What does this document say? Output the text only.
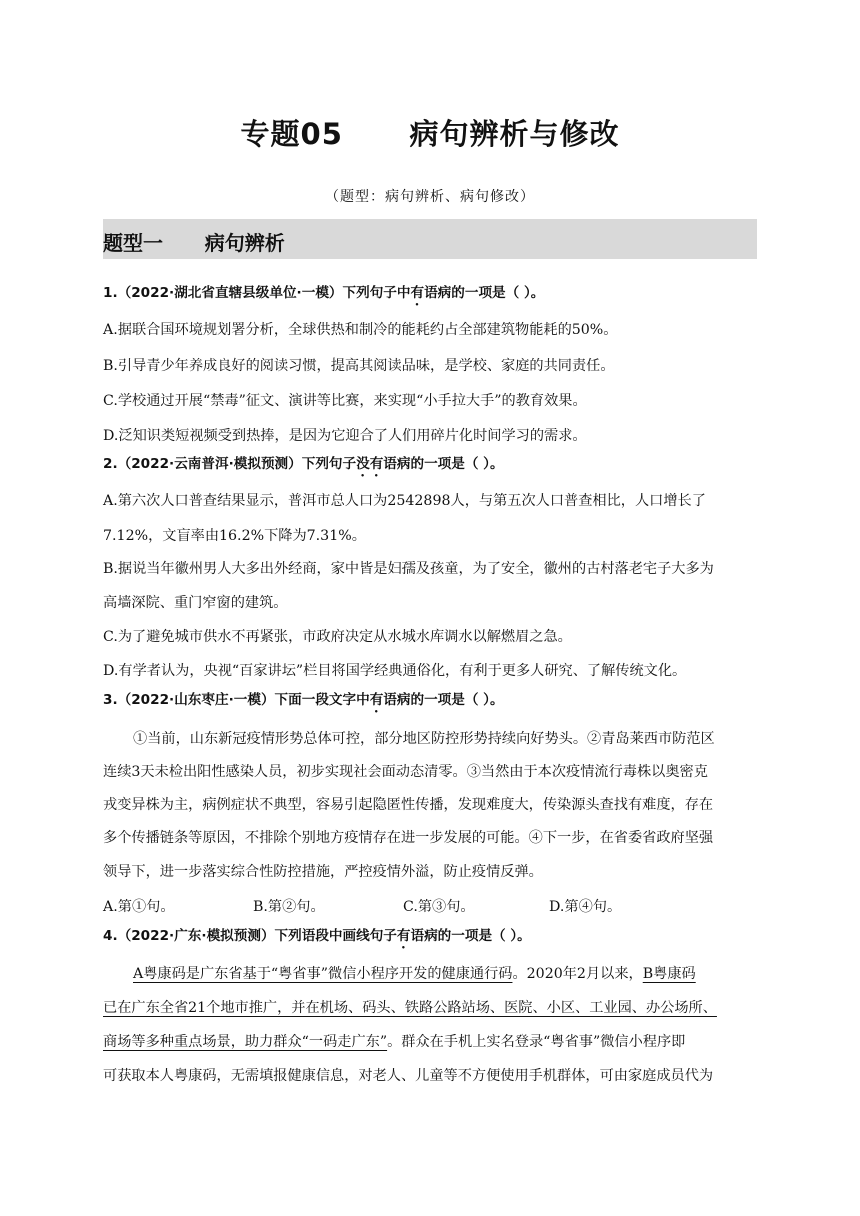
专题05      病句辨析与修改
（题型：病句辨析、病句修改）
题型一      病句辨析
1.（2022·湖北省直辖县级单位·一模）下列句子中有语病的一项是（ ）。
A.据联合国环境规划署分析，全球供热和制冷的能耗约占全部建筑物能耗的50%。
B.引导青少年养成良好的阅读习惯，提高其阅读品味，是学校、家庭的共同责任。
C.学校通过开展“禁毒”征文、演讲等比赛，来实现“小手拉大手”的教育效果。
D.泛知识类短视频受到热捧，是因为它迎合了人们用碎片化时间学习的需求。
2.（2022·云南普洱·模拟预测）下列句子没有语病的一项是（ ）。
A.第六次人口普查结果显示，普洱市总人口为2542898人，与第五次人口普查相比，人口增长了
7.12%，文盲率由16.2%下降为7.31%。
B.据说当年徽州男人大多出外经商，家中皆是妇孺及孩童，为了安全，徽州的古村落老宅子大多为
高墙深院、重门窄窗的建筑。
C.为了避免城市供水不再紧张，市政府决定从水城水库调水以解燃眉之急。
D.有学者认为，央视“百家讲坛”栏目将国学经典通俗化，有利于更多人研究、了解传统文化。
3.（2022·山东枣庄·一模）下面一段文字中有语病的一项是（ ）。
①当前，山东新冠疫情形势总体可控，部分地区防控形势持续向好势头。②青岛莱西市防范区
连续3天未检出阳性感染人员，初步实现社会面动态清零。③当然由于本次疫情流行毒株以奥密克
戎变异株为主，病例症状不典型，容易引起隐匿性传播，发现难度大，传染源头查找有难度，存在
多个传播链条等原因，不排除个别地方疫情存在进一步发展的可能。④下一步，在省委省政府坚强
领导下，进一步落实综合性防控措施，严控疫情外溢，防止疫情反弹。
A.第①句。	B.第②句。	C.第③句。	D.第④句。
4.（2022·广东·模拟预测）下列语段中画线句子有语病的一项是（ ）。
A粤康码是广东省基于“粤省事”微信小程序开发的健康通行码。2020年2月以来，B粤康码
已在广东全省21个地市推广，并在机场、码头、铁路公路站场、医院、小区、工业园、办公场所、
商场等多种重点场景，助力群众“一码走广东”。群众在手机上实名登录“粤省事”微信小程序即
可获取本人粤康码，无需填报健康信息，对老人、儿童等不方便使用手机群体，可由家庭成员代为
